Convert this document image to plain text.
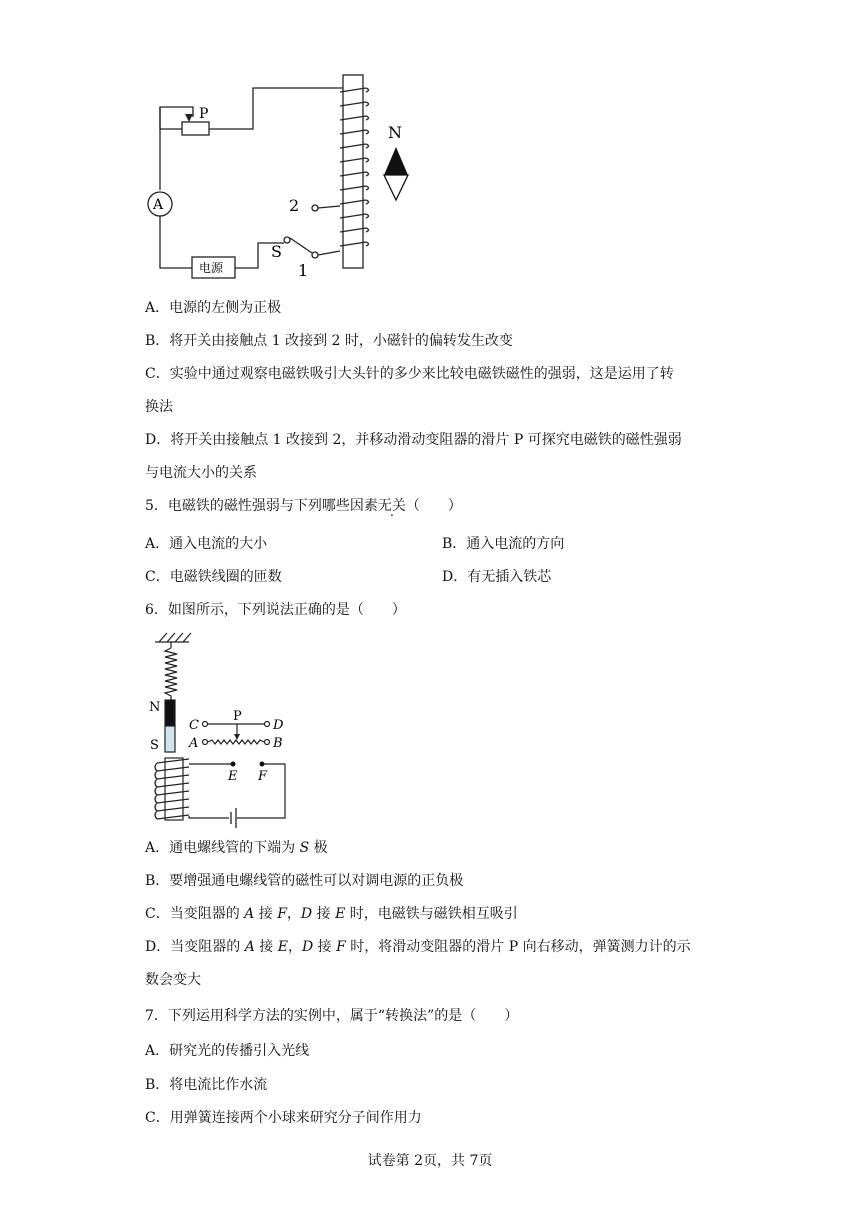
P
A
N
2
S
1
电源
A．电源的左侧为正极
B．将开关由接触点 1 改接到 2 时，小磁针的偏转发生改变
C．实验中通过观察电磁铁吸引大头针的多少来比较电磁铁磁性的强弱，这是运用了转
换法
D．将开关由接触点 1 改接到 2，并移动滑动变阻器的滑片 P 可探究电磁铁的磁性强弱
与电流大小的关系
5．电磁铁的磁性强弱与下列哪些因素无关（　　）
A．通入电流的大小	B．通入电流的方向
C．电磁铁线圈的匝数	D．有无插入铁芯
6．如图所示，下列说法正确的是（　　）
N
S
C
P
D
A	B
E F
A．通电螺线管的下端为 S 极
B．要增强通电螺线管的磁性可以对调电源的正负极
C．当变阻器的 A 接 F，D 接 E 时，电磁铁与磁铁相互吸引
D．当变阻器的 A 接 E，D 接 F 时，将滑动变阻器的滑片 P 向右移动，弹簧测力计的示
数会变大
7．下列运用科学方法的实例中，属于“转换法”的是（　　）
A．研究光的传播引入光线
B．将电流比作水流
C．用弹簧连接两个小球来研究分子间作用力
试卷第 2页，共 7页
